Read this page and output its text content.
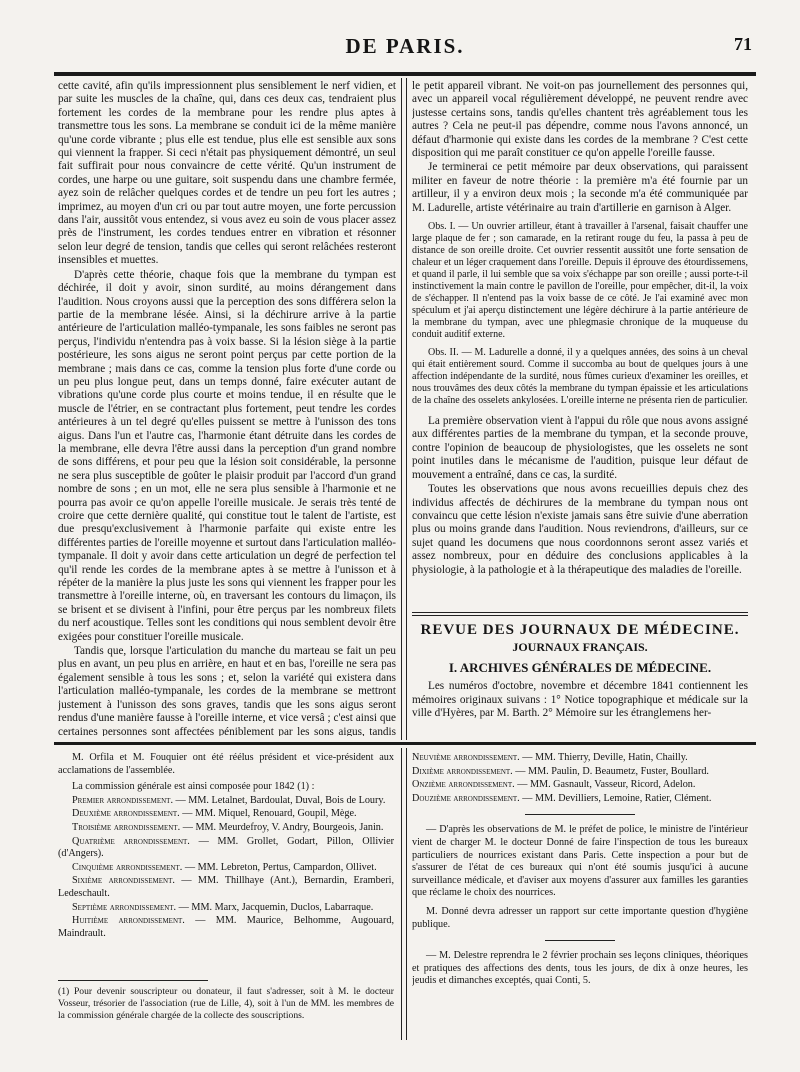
DE PARIS.	71

cette cavité, afin qu'ils impressionnent plus sensiblement le nerf vidien, et par suite les muscles de la chaîne, qui, dans ces deux cas, tendraient plus fortement les cordes de la membrane pour les rendre plus aptes à transmettre tous les sons. La membrane se conduit ici de la même manière qu'une corde vibrante ; plus elle est tendue, plus elle est sensible aux sons qui viennent la frapper. Si ceci n'était pas physiquement démontré, un seul fait suffirait pour nous convaincre de cette vérité. Qu'un instrument de cordes, une harpe ou une guitare, soit suspendu dans une chambre fermée, ayez soin de relâcher quelques cordes et de tendre un peu fort les autres ; imprimez, au moyen d'un cri ou par tout autre moyen, une forte percussion dans l'air, aussitôt vous entendez, si vous avez eu soin de vous placer assez près de l'instrument, les cordes tendues entrer en vibration et résonner selon leur degré de tension, tandis que celles qui seront relâchées resteront insensibles et muettes.

D'après cette théorie, chaque fois que la membrane du tympan est déchirée, il doit y avoir, sinon surdité, au moins dérangement dans l'audition. Nous croyons aussi que la perception des sons différera selon la partie de la membrane lésée. Ainsi, si la déchirure arrive à la partie antérieure de l'articulation malléo-tympanale, les sons faibles ne seront pas perçus, l'individu n'entendra pas à voix basse. Si la lésion siège à la partie postérieure, les sons aigus ne seront point perçus par cette portion de la membrane ; mais dans ce cas, comme la tension plus forte d'une corde ou un peu plus longue peut, dans un temps donné, faire exécuter autant de vibrations qu'une corde plus courte et moins tendue, il en résulte que le muscle de l'étrier, en se contractant plus fortement, peut tendre les cordes antérieures à un tel degré qu'elles puissent se mettre à l'unisson des tons aigus. Dans l'un et l'autre cas, l'harmonie étant détruite dans les cordes de la membrane, elle devra l'être aussi dans la perception d'un grand nombre de sons différens, et pour peu que la lésion soit considérable, la personne ne sera plus susceptible de goûter le plaisir produit par l'accord d'un grand nombre de sons ; en un mot, elle ne sera plus sensible à l'harmonie et ne pourra pas avoir ce qu'on appelle l'oreille musicale. Je serais très tenté de croire que cette dernière qualité, qui constitue tout le talent de l'artiste, est due presqu'exclusivement à l'harmonie parfaite qui existe entre les différentes parties de l'oreille moyenne et surtout dans l'articulation malléo-tympanale. Il doit y avoir dans cette articulation un degré de perfection tel qu'il rende les cordes de la membrane aptes à se mettre à l'unisson et à répéter de la manière la plus juste les sons qui viennent les frapper pour les transmettre à l'oreille interne, où, en traversant les contours du limaçon, ils se brisent et se divisent à l'infini, pour être perçus par les nombreux filets du nerf acoustique. Telles sont les conditions qui nous semblent devoir être exigées pour constituer l'oreille musicale.

Tandis que, lorsque l'articulation du manche du marteau se fait un peu plus en avant, un peu plus en arrière, en haut et en bas, l'oreille ne sera pas également sensible à tous les sons ; et, selon la variété qui existera dans l'articulation malléo-tympanale, les cordes de la membrane se mettront justement à l'unisson des sons graves, tandis que les sons aigus seront rendus d'une manière fausse à l'oreille interne, et vice versâ ; c'est ainsi que certaines personnes sont affectées péniblement par les sons aigus, tandis

le petit appareil vibrant. Ne voit-on pas journellement des personnes qui, avec un appareil vocal régulièrement développé, ne peuvent rendre avec justesse certains sons, tandis qu'elles chantent très agréablement tous les autres ? Cela ne peut-il pas dépendre, comme nous l'avons annoncé, un défaut d'harmonie qui existe dans les cordes de la membrane ? C'est cette disposition qui me paraît constituer ce qu'on appelle l'oreille fausse.

Je terminerai ce petit mémoire par deux observations, qui paraissent militer en faveur de notre théorie : la première m'a été fournie par un artilleur, il y a environ deux mois ; la seconde m'a été communiquée par M. Ladurelle, artiste vétérinaire au train d'artillerie en garnison à Alger.

Obs. I. — Un ouvrier artilleur, étant à travailler à l'arsenal, faisait chauffer une large plaque de fer ; son camarade, en la retirant rouge du feu, la passa à peu de distance de son oreille droite. Cet ouvrier ressentit aussitôt une forte sensation de chaleur et un léger craquement dans l'oreille. Depuis il éprouve des étourdissemens, et quand il parle, il lui semble que sa voix s'échappe par son oreille ; aussi porte-t-il instinctivement la main contre le pavillon de l'oreille, pour empêcher, dit-il, la voix de s'échapper. Il n'entend pas la voix basse de ce côté. Je l'ai examiné avec mon spéculum et j'ai aperçu distinctement une légère déchirure à la partie antérieure de la membrane du tympan, avec une phlegmasie chronique de la muqueuse du conduit auditif externe.

Obs. II. — M. Ladurelle a donné, il y a quelques années, des soins à un cheval qui était entièrement sourd. Comme il succomba au bout de quelques jours à une affection indépendante de la surdité, nous fûmes curieux d'examiner les oreilles, et nous trouvâmes des deux côtés la membrane du tympan épaissie et les articulations de la chaîne des osselets ankylosées. L'oreille interne ne présenta rien de particulier.

La première observation vient à l'appui du rôle que nous avons assigné aux différentes parties de la membrane du tympan, et la seconde prouve, contre l'opinion de beaucoup de physiologistes, que les osselets ne sont point inutiles dans le mécanisme de l'audition, puisque leur défaut de mouvement a entraîné, dans ce cas, la surdité.

Toutes les observations que nous avons recueillies depuis chez des individus affectés de déchirures de la membrane du tympan nous ont convaincu que cette lésion n'existe jamais sans être suivie d'une aberration plus ou moins grande dans l'audition. Nous reviendrons, d'ailleurs, sur ce sujet quand les documens que nous coordonnons seront assez variés et assez nombreux, pour en déduire des conclusions applicables à la physiologie, à la pathologie et à la thérapeutique des maladies de l'oreille.

REVUE DES JOURNAUX DE MÉDECINE.
JOURNAUX FRANÇAIS.
I. ARCHIVES GÉNÉRALES DE MÉDECINE.

Les numéros d'octobre, novembre et décembre 1841 contiennent les mémoires originaux suivans : 1° Notice topographique et médicale sur la ville d'Hyères, par M. Barth. 2° Mémoire sur les étranglemens her-

M. Orfila et M. Fouquier ont été réélus président et vice-président aux acclamations de l'assemblée.

La commission générale est ainsi composée pour 1842 (1) :

Premier arrondissement. — MM. Letalnet, Bardoulat, Duval, Bois de Loury.

Deuxième arrondissement. — MM. Miquel, Renouard, Goupil, Mège.

Troisième arrondissement. — MM. Meurdefroy, V. Andry, Bourgeois, Janin.

Quatrième arrondissement. — MM. Grollet, Godart, Pillon, Ollivier (d'Angers).

Cinquième arrondissement. — MM. Lebreton, Pertus, Campardon, Ollivet.

Sixième arrondissement. — MM. Thillhaye (Ant.), Bernardin, Eramberi, Ledeschault.

Septième arrondissement. — MM. Marx, Jacquemin, Duclos, Labarraque.

Huitième arrondissement. — MM. Maurice, Belhomme, Augouard, Maindrault.

(1) Pour devenir souscripteur ou donateur, il faut s'adresser, soit à M. le docteur Vosseur, trésorier de l'association (rue de Lille, 4), soit à l'un de MM. les membres de la commission générale chargée de la collecte des souscriptions.

Neuvième arrondissement. — MM. Thierry, Deville, Hatin, Chailly.

Dixième arrondissement. — MM. Paulin, D. Beaumetz, Fuster, Boullard.

Onzième arrondissement. — MM. Gasnault, Vasseur, Ricord, Adelon.

Douzième arrondissement. — MM. Devilliers, Lemoine, Ratier, Clément.

— D'après les observations de M. le préfet de police, le ministre de l'intérieur vient de charger M. le docteur Donné de faire l'inspection de tous les bureaux particuliers de nourrices existant dans Paris. Cette inspection a pour but de s'assurer de l'état de ces bureaux qui n'ont été soumis jusqu'ici à aucune surveillance médicale, et d'aviser aux moyens d'assurer aux familles les garanties que réclame le choix des nourrices.

M. Donné devra adresser un rapport sur cette importante question d'hygiène publique.

— M. Delestre reprendra le 2 février prochain ses leçons cliniques, théoriques et pratiques des affections des dents, tous les jours, de dix à onze heures, les jeudis et dimanches exceptés, quai Conti, 5.
